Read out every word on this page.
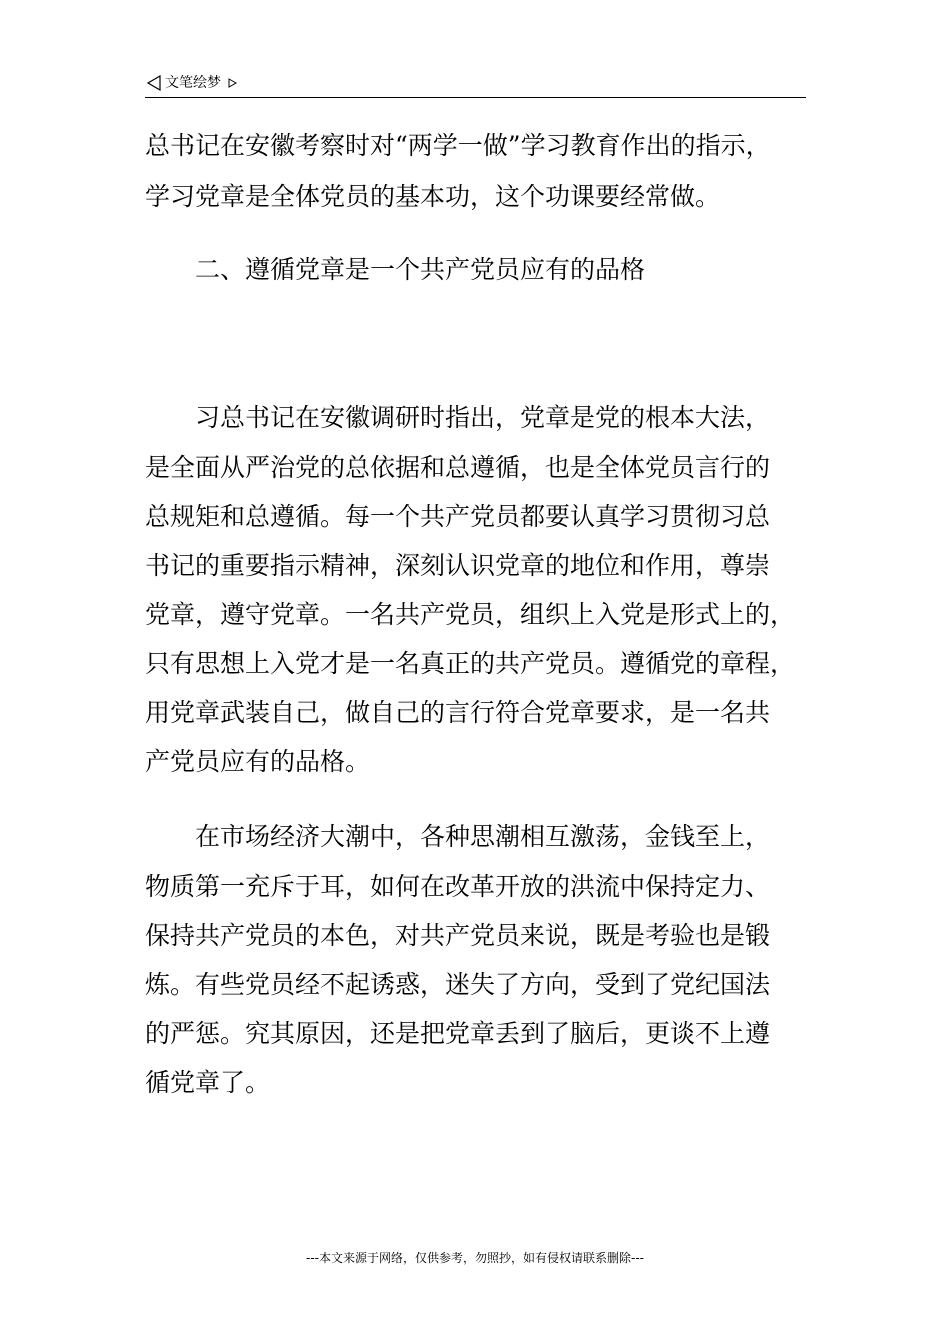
文笔绘梦
总书记在安徽考察时对“两学一做”学习教育作出的指示，
学习党章是全体党员的基本功，这个功课要经常做。
二、遵循党章是一个共产党员应有的品格
习总书记在安徽调研时指出，党章是党的根本大法，
是全面从严治党的总依据和总遵循，也是全体党员言行的
总规矩和总遵循。每一个共产党员都要认真学习贯彻习总
书记的重要指示精神，深刻认识党章的地位和作用，尊崇
党章，遵守党章。一名共产党员，组织上入党是形式上的，
只有思想上入党才是一名真正的共产党员。遵循党的章程，
用党章武装自己，做自己的言行符合党章要求，是一名共
产党员应有的品格。
在市场经济大潮中，各种思潮相互激荡，金钱至上，
物质第一充斥于耳，如何在改革开放的洪流中保持定力、
保持共产党员的本色，对共产党员来说，既是考验也是锻
炼。有些党员经不起诱惑，迷失了方向，受到了党纪国法
的严惩。究其原因，还是把党章丢到了脑后，更谈不上遵
循党章了。
---本文来源于网络，仅供参考，勿照抄，如有侵权请联系删除---
